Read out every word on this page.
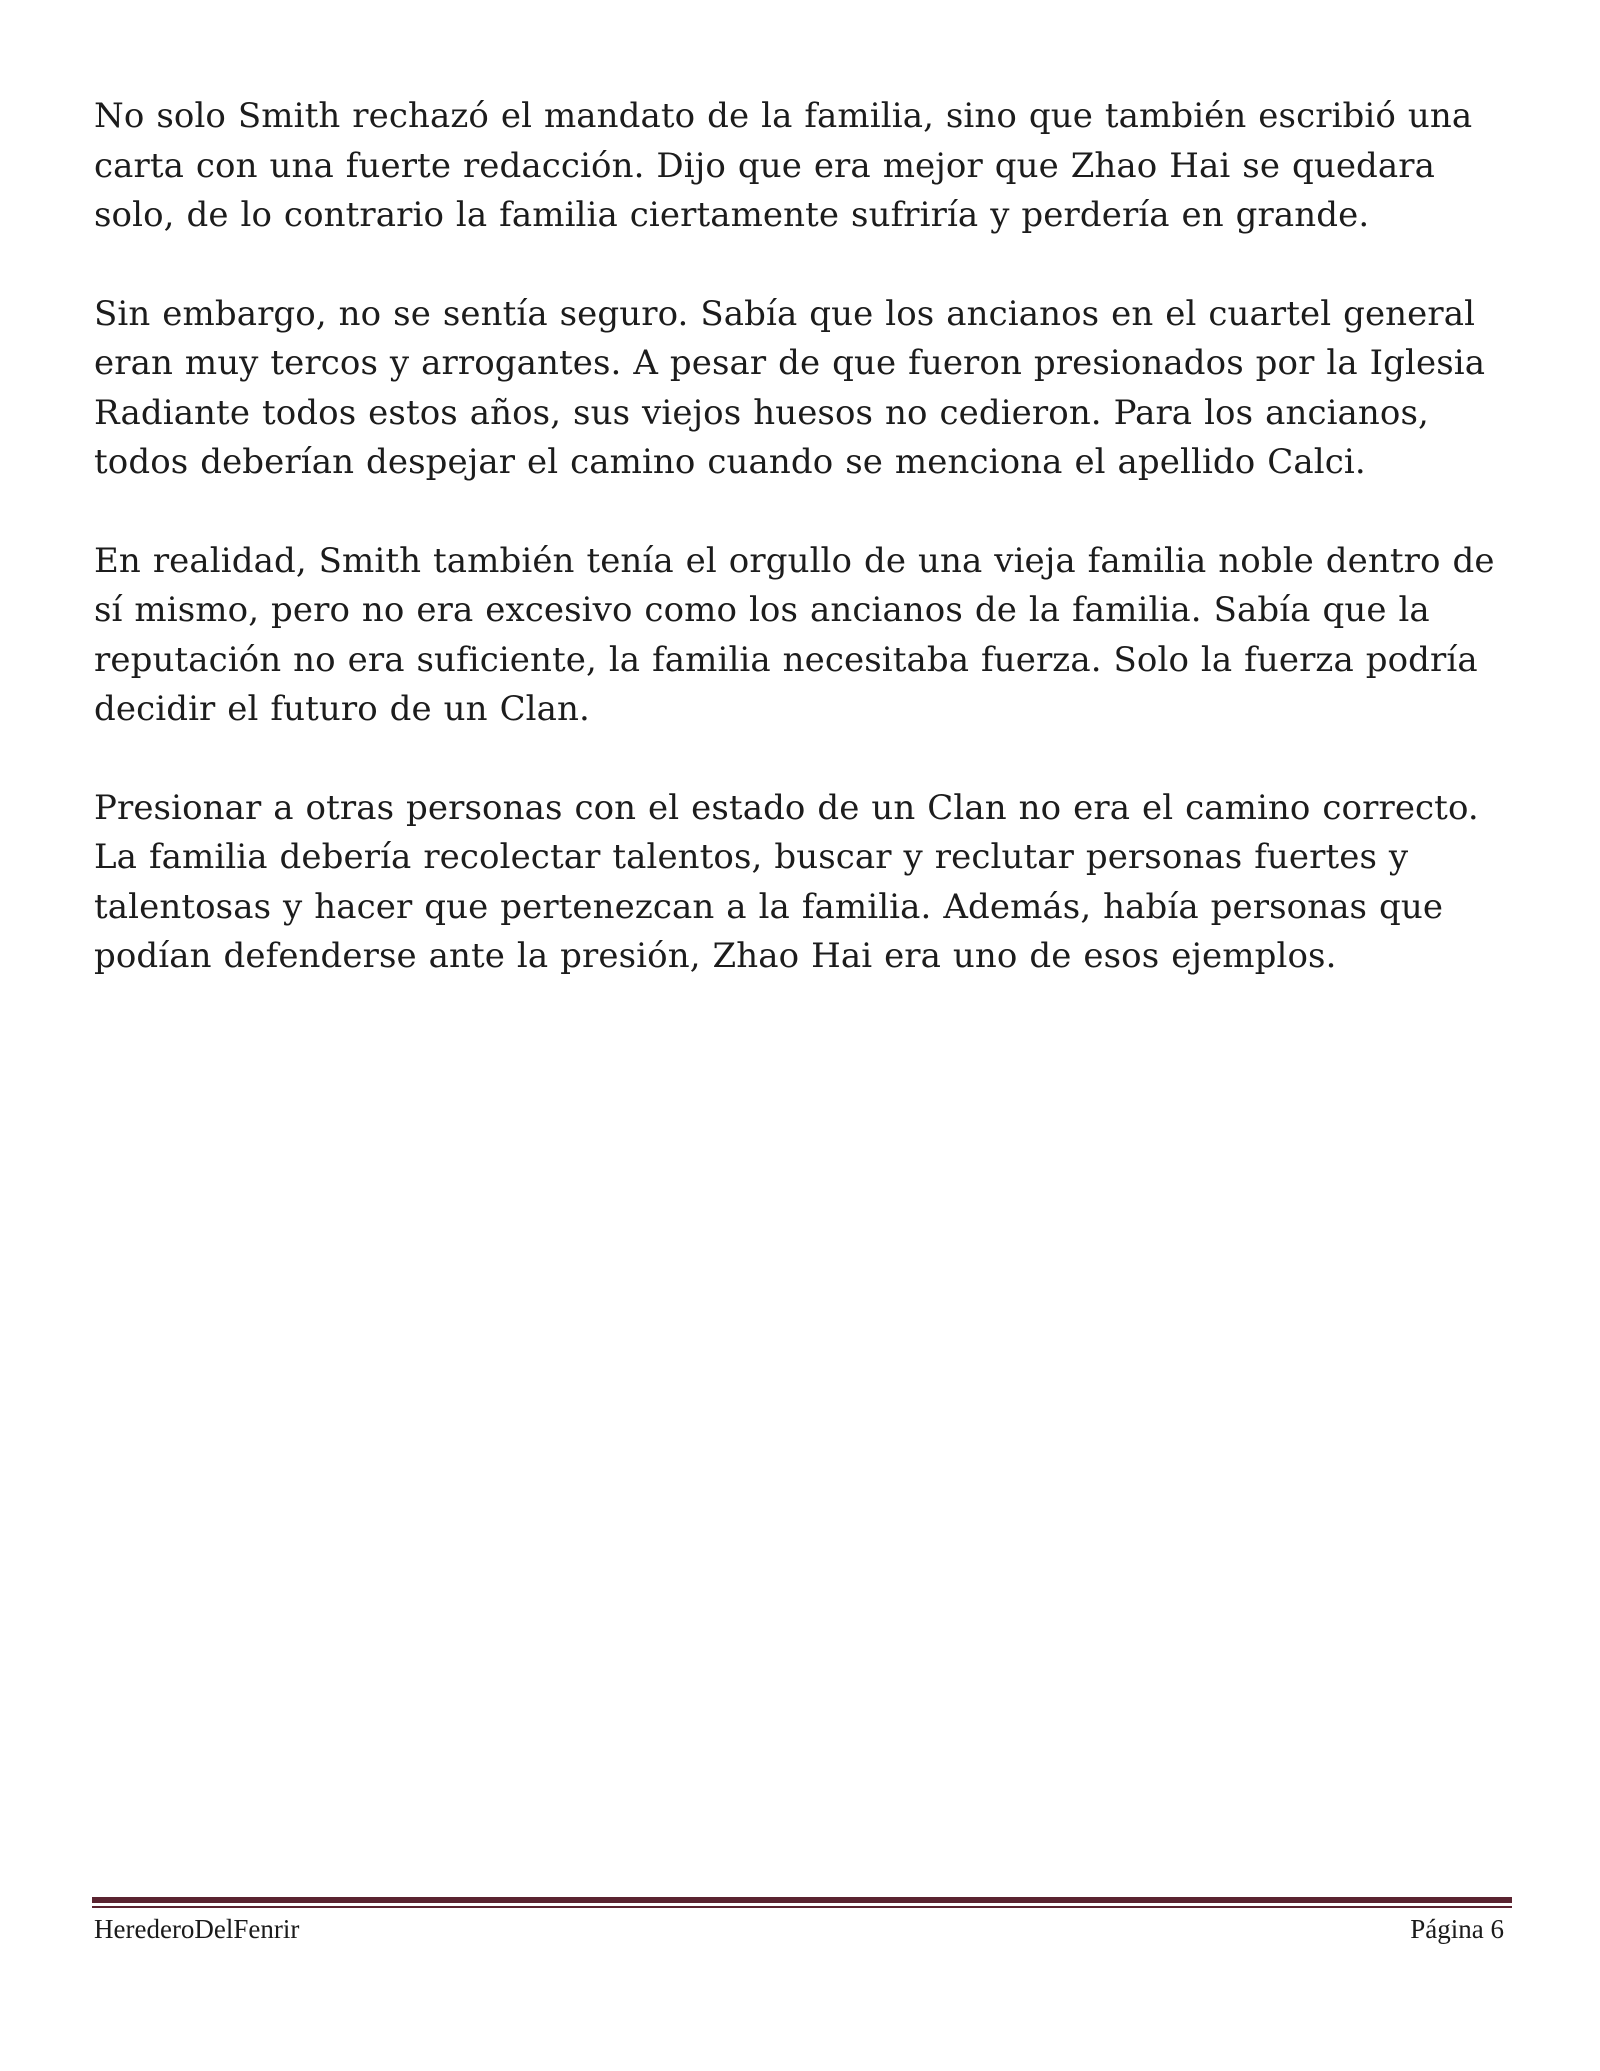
No solo Smith rechazó el mandato de la familia, sino que también escribió una carta con una fuerte redacción. Dijo que era mejor que Zhao Hai se quedara solo, de lo contrario la familia ciertamente sufriría y perdería en grande.

Sin embargo, no se sentía seguro. Sabía que los ancianos en el cuartel general eran muy tercos y arrogantes. A pesar de que fueron presionados por la Iglesia Radiante todos estos años, sus viejos huesos no cedieron. Para los ancianos, todos deberían despejar el camino cuando se menciona el apellido Calci.

En realidad, Smith también tenía el orgullo de una vieja familia noble dentro de sí mismo, pero no era excesivo como los ancianos de la familia. Sabía que la reputación no era suficiente, la familia necesitaba fuerza. Solo la fuerza podría decidir el futuro de un Clan.

Presionar a otras personas con el estado de un Clan no era el camino correcto. La familia debería recolectar talentos, buscar y reclutar personas fuertes y talentosas y hacer que pertenezcan a la familia. Además, había personas que podían defenderse ante la presión, Zhao Hai era uno de esos ejemplos.

HerederoDelFenrir	Página 6
